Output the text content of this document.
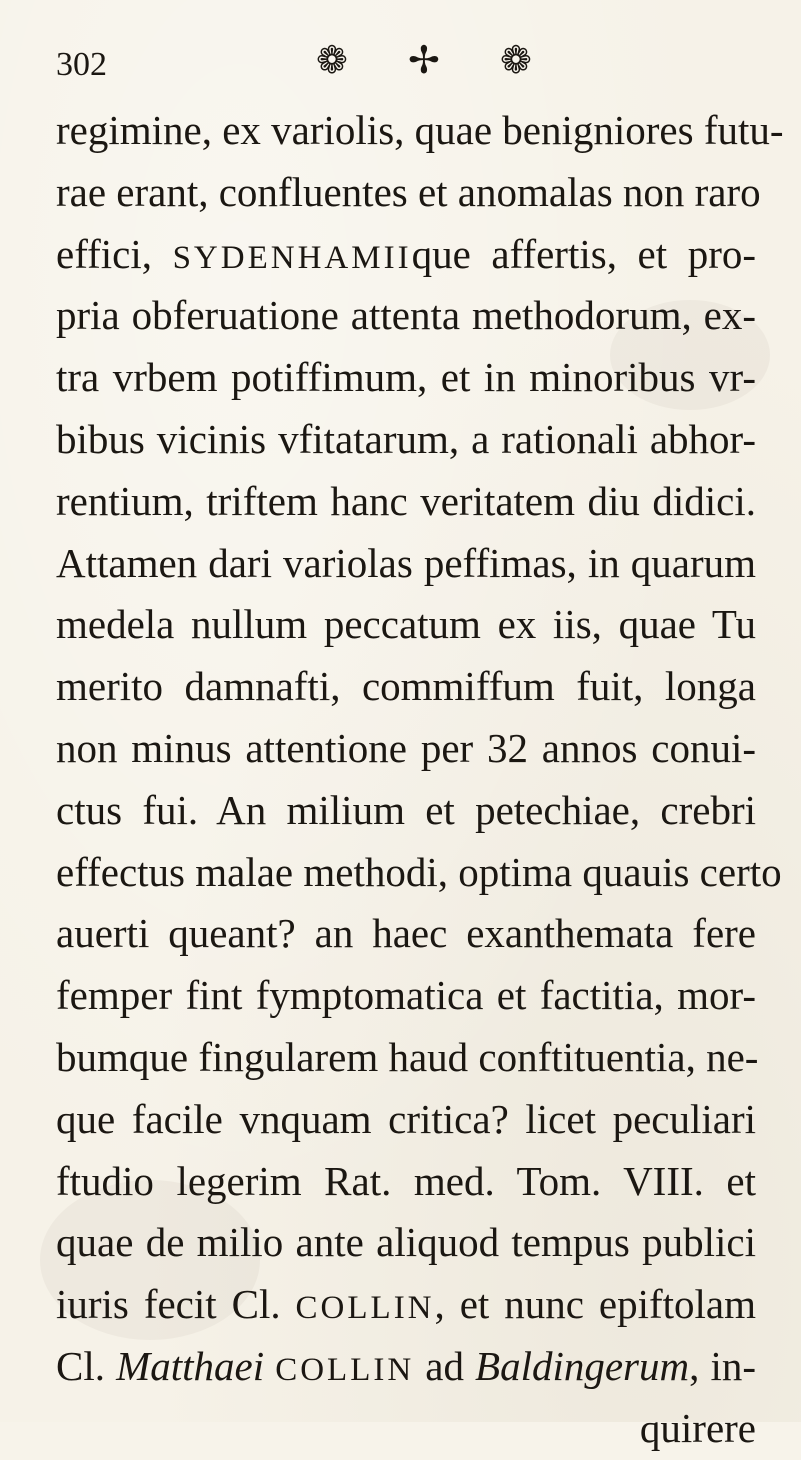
302	❁ ✢ ❁
regimine, ex variolis, quae benigniores futu-
rae erant, confluentes et anomalas non raro
effici, SYDENHAMIIque affertis, et pro-
pria obferuatione attenta methodorum, ex-
tra vrbem potiffimum, et in minoribus vr-
bibus vicinis vfitatarum, a rationali abhor-
rentium, triftem hanc veritatem diu didici.
Attamen dari variolas peffimas, in quarum
medela nullum peccatum ex iis, quae Tu
merito damnafti, commiffum fuit, longa
non minus attentione per 32 annos conui-
ctus fui. An milium et petechiae, crebri
effectus malae methodi, optima quauis certo
auerti queant? an haec exanthemata fere
femper fint fymptomatica et factitia, mor-
bumque fingularem haud conftituentia, ne-
que facile vnquam critica? licet peculiari
ftudio legerim Rat. med. Tom. VIII. et
quae de milio ante aliquod tempus publici
iuris fecit Cl. COLLIN, et nunc epiftolam
Cl. Matthaei COLLIN ad Baldingerum, in-
quirere
